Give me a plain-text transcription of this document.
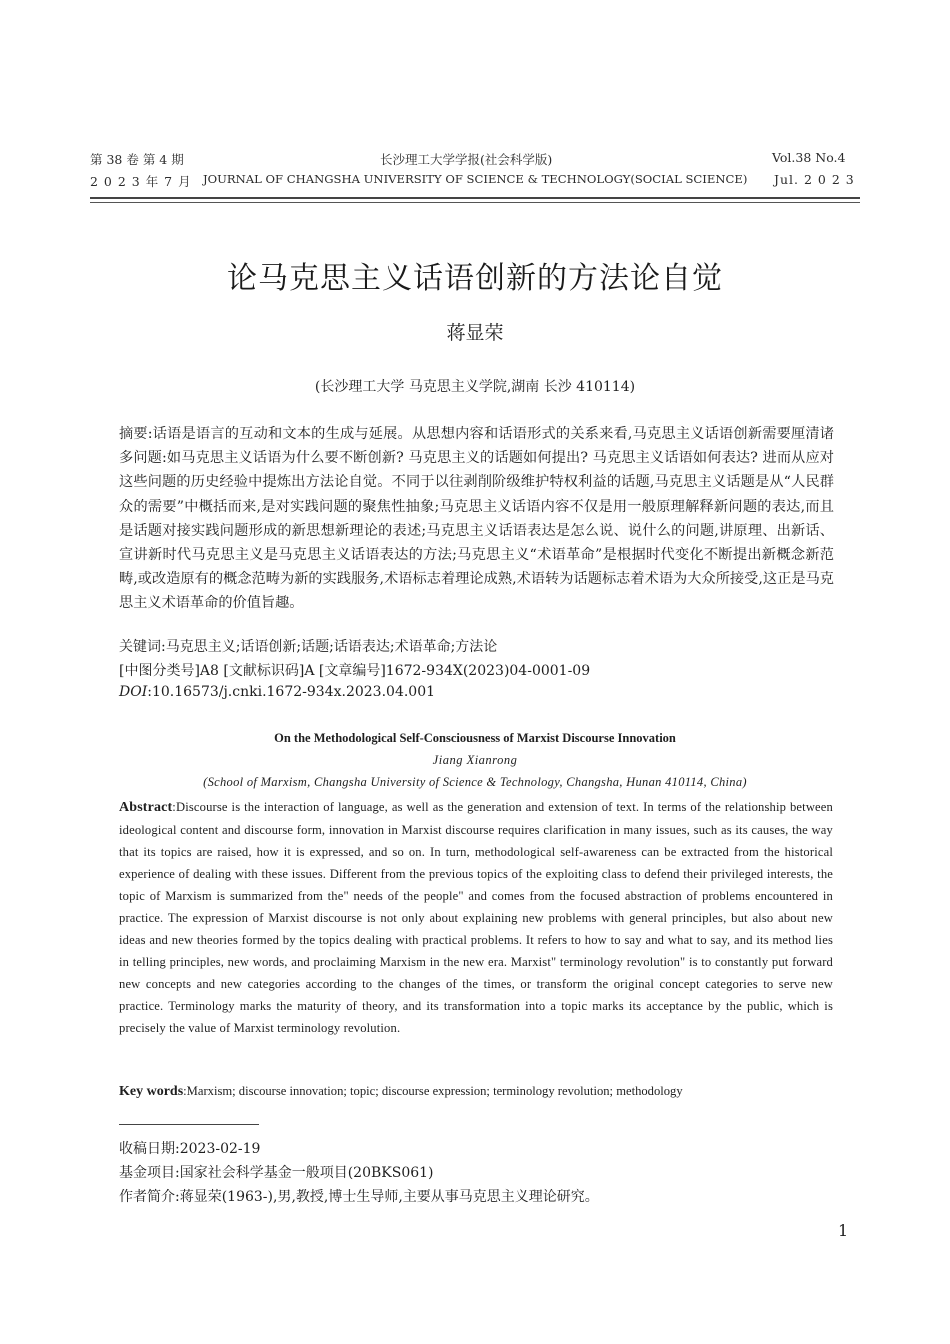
第 38 卷 第 4 期	长沙理工大学学报(社会科学版)	Vol.38 No.4
2 0 2 3 年 7 月 JOURNAL OF CHANGSHA UNIVERSITY OF SCIENCE & TECHNOLOGY(SOCIAL SCIENCE) Jul. 2 0 2 3
论马克思主义话语创新的方法论自觉
蒋显荣
(长沙理工大学 马克思主义学院,湖南 长沙 410114)
摘要:话语是语言的互动和文本的生成与延展。从思想内容和话语形式的关系来看,马克思主义话语创新需要厘清诸多问题:如马克思主义话语为什么要不断创新? 马克思主义的话题如何提出? 马克思主义话语如何表达? 进而从应对这些问题的历史经验中提炼出方法论自觉。不同于以往剥削阶级维护特权利益的话题,马克思主义话题是从“人民群众的需要”中概括而来,是对实践问题的聚焦性抽象;马克思主义话语内容不仅是用一般原理解释新问题的表达,而且是话题对接实践问题形成的新思想新理论的表述;马克思主义话语表达是怎么说、说什么的问题,讲原理、出新话、宣讲新时代马克思主义是马克思主义话语表达的方法;马克思主义“术语革命”是根据时代变化不断提出新概念新范畴,或改造原有的概念范畴为新的实践服务,术语标志着理论成熟,术语转为话题标志着术语为大众所接受,这正是马克思主义术语革命的价值旨趣。
关键词:马克思主义;话语创新;话题;话语表达;术语革命;方法论
[中图分类号]A8 [文献标识码]A [文章编号]1672-934X(2023)04-0001-09
DOI:10.16573/j.cnki.1672-934x.2023.04.001
On the Methodological Self-Consciousness of Marxist Discourse Innovation
Jiang Xianrong
(School of Marxism, Changsha University of Science & Technology, Changsha, Hunan 410114, China)
Abstract:Discourse is the interaction of language, as well as the generation and extension of text. In terms of the relationship between ideological content and discourse form, innovation in Marxist discourse requires clarification in many issues, such as its causes, the way that its topics are raised, how it is expressed, and so on. In turn, methodological self-awareness can be extracted from the historical experience of dealing with these issues. Different from the previous topics of the exploiting class to defend their privileged interests, the topic of Marxism is summarized from the" needs of the people" and comes from the focused abstraction of problems encountered in practice. The expression of Marxist discourse is not only about explaining new problems with general principles, but also about new ideas and new theories formed by the topics dealing with practical problems. It refers to how to say and what to say, and its method lies in telling principles, new words, and proclaiming Marxism in the new era. Marxist" terminology revolution" is to constantly put forward new concepts and new categories according to the changes of the times, or transform the original concept categories to serve new practice. Terminology marks the maturity of theory, and its transformation into a topic marks its acceptance by the public, which is precisely the value of Marxist terminology revolution.
Key words:Marxism; discourse innovation; topic; discourse expression; terminology revolution; methodology
收稿日期:2023-02-19
基金项目:国家社会科学基金一般项目(20BKS061)
作者简介:蒋显荣(1963-),男,教授,博士生导师,主要从事马克思主义理论研究。
1
